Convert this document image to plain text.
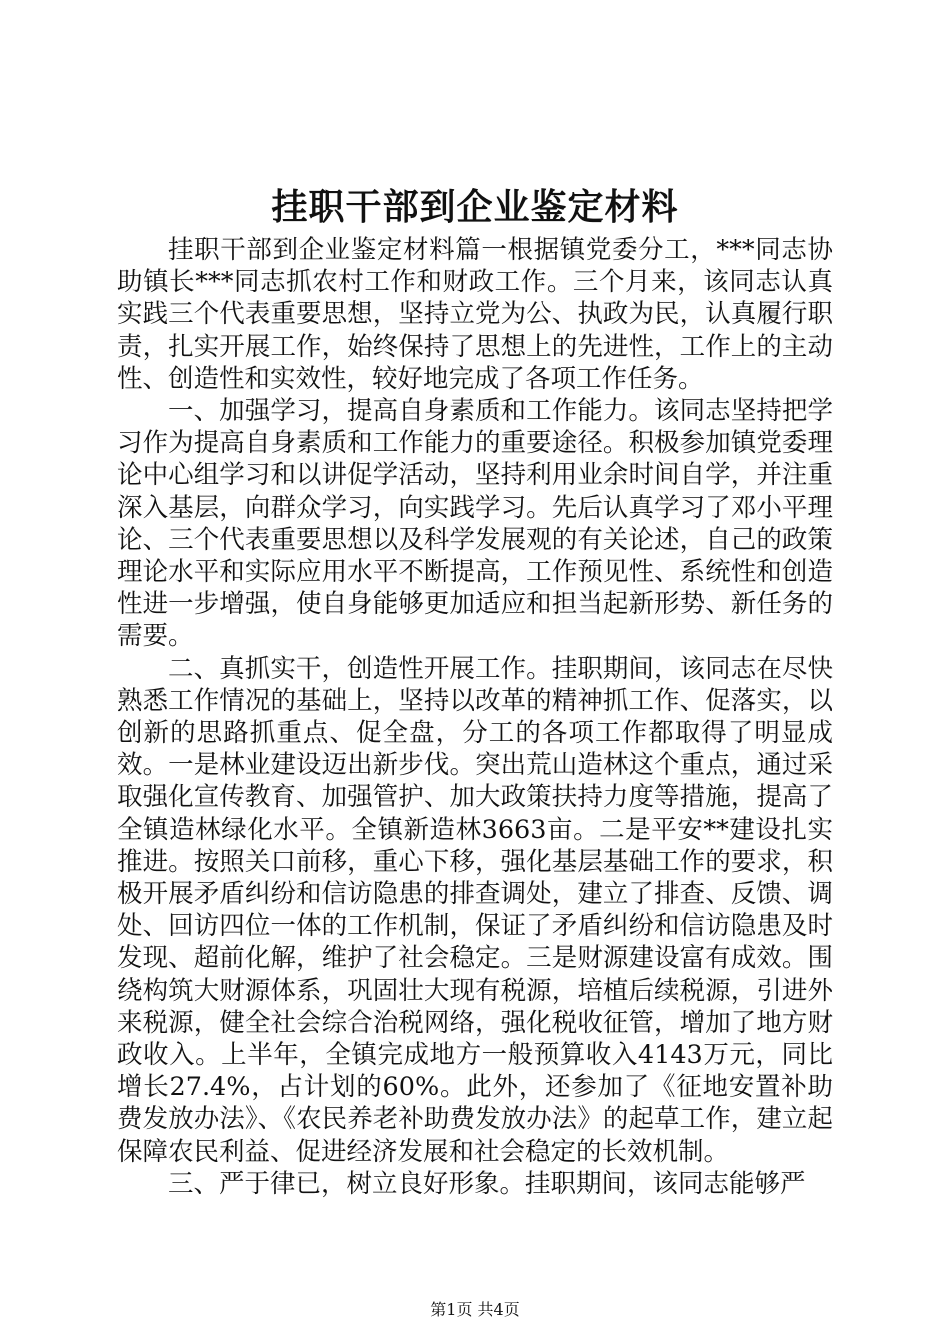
挂职干部到企业鉴定材料

挂职干部到企业鉴定材料篇一根据镇党委分工，***同志协助镇长***同志抓农村工作和财政工作。三个月来，该同志认真实践三个代表重要思想，坚持立党为公、执政为民，认真履行职责，扎实开展工作，始终保持了思想上的先进性，工作上的主动性、创造性和实效性，较好地完成了各项工作任务。

一、加强学习，提高自身素质和工作能力。该同志坚持把学习作为提高自身素质和工作能力的重要途径。积极参加镇党委理论中心组学习和以讲促学活动，坚持利用业余时间自学，并注重深入基层，向群众学习，向实践学习。先后认真学习了邓小平理论、三个代表重要思想以及科学发展观的有关论述，自己的政策理论水平和实际应用水平不断提高，工作预见性、系统性和创造性进一步增强，使自身能够更加适应和担当起新形势、新任务的需要。

二、真抓实干，创造性开展工作。挂职期间，该同志在尽快熟悉工作情况的基础上，坚持以改革的精神抓工作、促落实，以创新的思路抓重点、促全盘，分工的各项工作都取得了明显成效。一是林业建设迈出新步伐。突出荒山造林这个重点，通过采取强化宣传教育、加强管护、加大政策扶持力度等措施，提高了全镇造林绿化水平。全镇新造林3663亩。二是平安**建设扎实推进。按照关口前移，重心下移，强化基层基础工作的要求，积极开展矛盾纠纷和信访隐患的排查调处，建立了排查、反馈、调处、回访四位一体的工作机制，保证了矛盾纠纷和信访隐患及时发现、超前化解，维护了社会稳定。三是财源建设富有成效。围绕构筑大财源体系，巩固壮大现有税源，培植后续税源，引进外来税源，健全社会综合治税网络，强化税收征管，增加了地方财政收入。上半年，全镇完成地方一般预算收入4143万元，同比增长27.4%，占计划的60%。此外，还参加了《征地安置补助费发放办法》、《农民养老补助费发放办法》的起草工作，建立起保障农民利益、促进经济发展和社会稳定的长效机制。

三、严于律已，树立良好形象。挂职期间，该同志能够严

第1页 共4页
